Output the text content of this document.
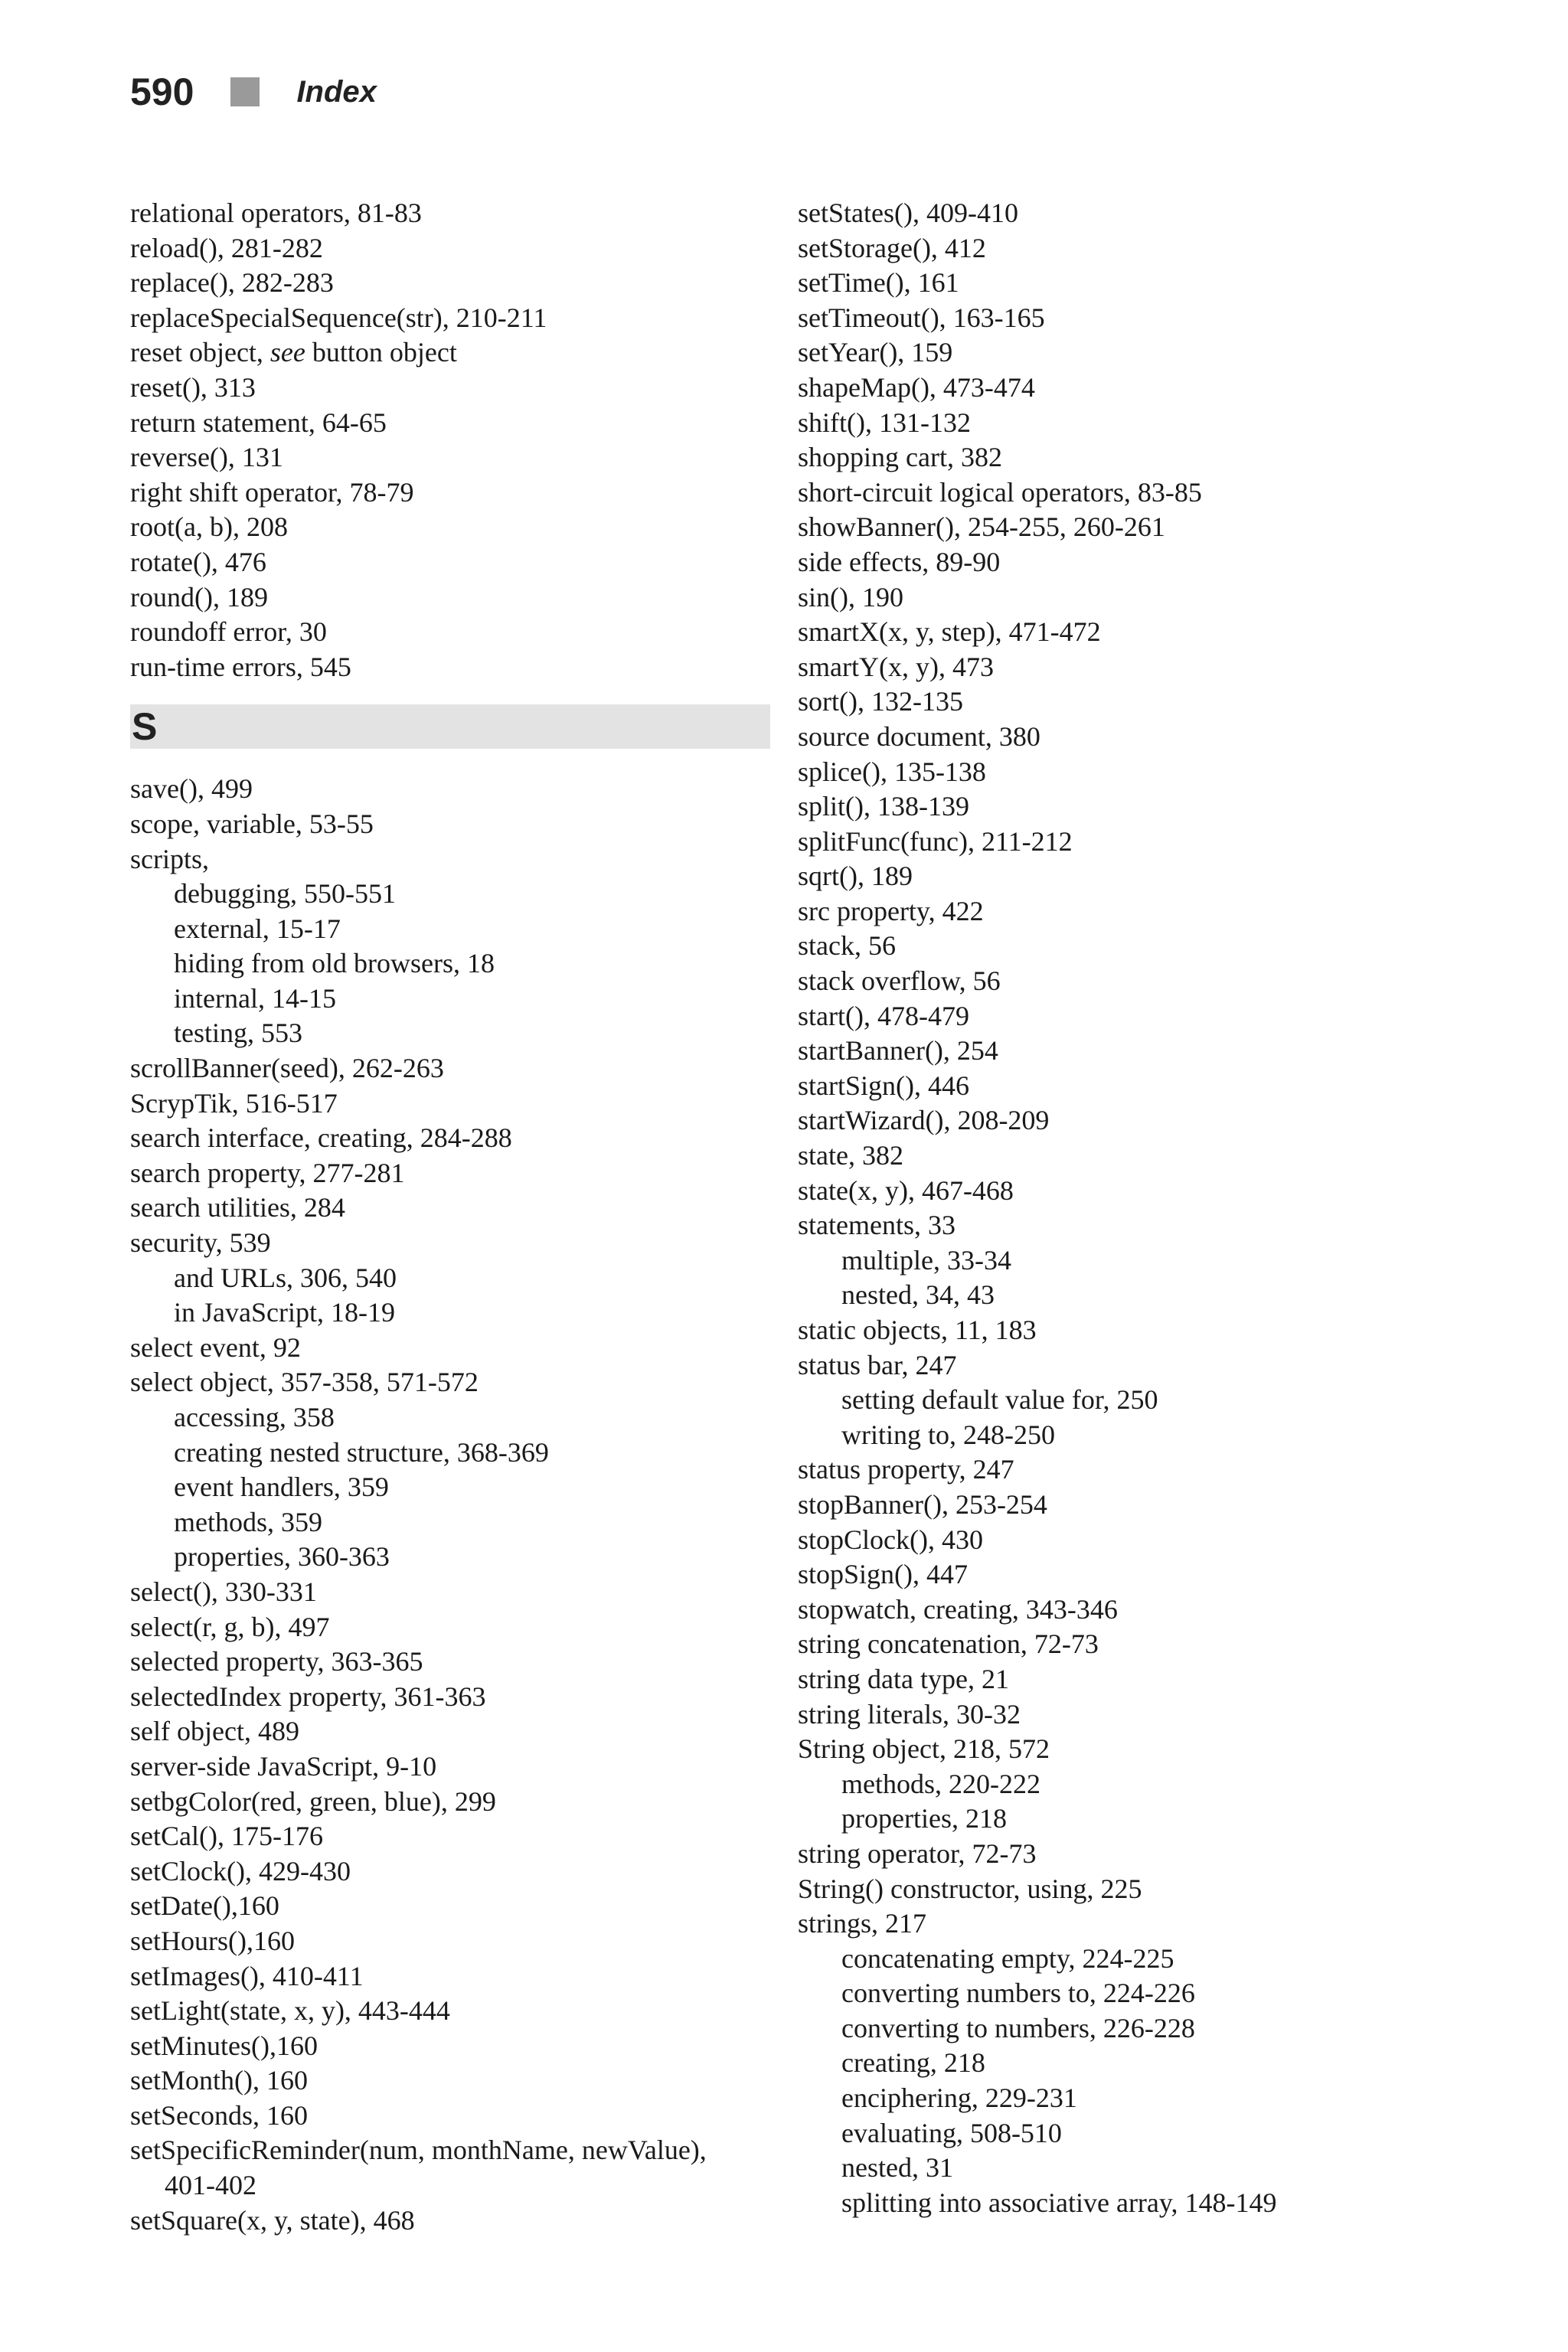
590	Index
relational operators, 81-83
reload(), 281-282
replace(), 282-283
replaceSpecialSequence(str), 210-211
reset object, see button object
reset(), 313
return statement, 64-65
reverse(), 131
right shift operator, 78-79
root(a, b), 208
rotate(), 476
round(), 189
roundoff error, 30
run-time errors, 545
S
save(), 499
scope, variable, 53-55
scripts,
debugging, 550-551
external, 15-17
hiding from old browsers, 18
internal, 14-15
testing, 553
scrollBanner(seed), 262-263
ScrypTik, 516-517
search interface, creating, 284-288
search property, 277-281
search utilities, 284
security, 539
and URLs, 306, 540
in JavaScript, 18-19
select event, 92
select object, 357-358, 571-572
accessing, 358
creating nested structure, 368-369
event handlers, 359
methods, 359
properties, 360-363
select(), 330-331
select(r, g, b), 497
selected property, 363-365
selectedIndex property, 361-363
self object, 489
server-side JavaScript, 9-10
setbgColor(red, green, blue), 299
setCal(), 175-176
setClock(), 429-430
setDate(),160
setHours(),160
setImages(), 410-411
setLight(state, x, y), 443-444
setMinutes(),160
setMonth(), 160
setSeconds, 160
setSpecificReminder(num, monthName, newValue),
401-402
setSquare(x, y, state), 468
setStates(), 409-410
setStorage(), 412
setTime(), 161
setTimeout(), 163-165
setYear(), 159
shapeMap(), 473-474
shift(), 131-132
shopping cart, 382
short-circuit logical operators, 83-85
showBanner(), 254-255, 260-261
side effects, 89-90
sin(), 190
smartX(x, y, step), 471-472
smartY(x, y), 473
sort(), 132-135
source document, 380
splice(), 135-138
split(), 138-139
splitFunc(func), 211-212
sqrt(), 189
src property, 422
stack, 56
stack overflow, 56
start(), 478-479
startBanner(), 254
startSign(), 446
startWizard(), 208-209
state, 382
state(x, y), 467-468
statements, 33
multiple, 33-34
nested, 34, 43
static objects, 11, 183
status bar, 247
setting default value for, 250
writing to, 248-250
status property, 247
stopBanner(), 253-254
stopClock(), 430
stopSign(), 447
stopwatch, creating, 343-346
string concatenation, 72-73
string data type, 21
string literals, 30-32
String object, 218, 572
methods, 220-222
properties, 218
string operator, 72-73
String() constructor, using, 225
strings, 217
concatenating empty, 224-225
converting numbers to, 224-226
converting to numbers, 226-228
creating, 218
enciphering, 229-231
evaluating, 508-510
nested, 31
splitting into associative array, 148-149
